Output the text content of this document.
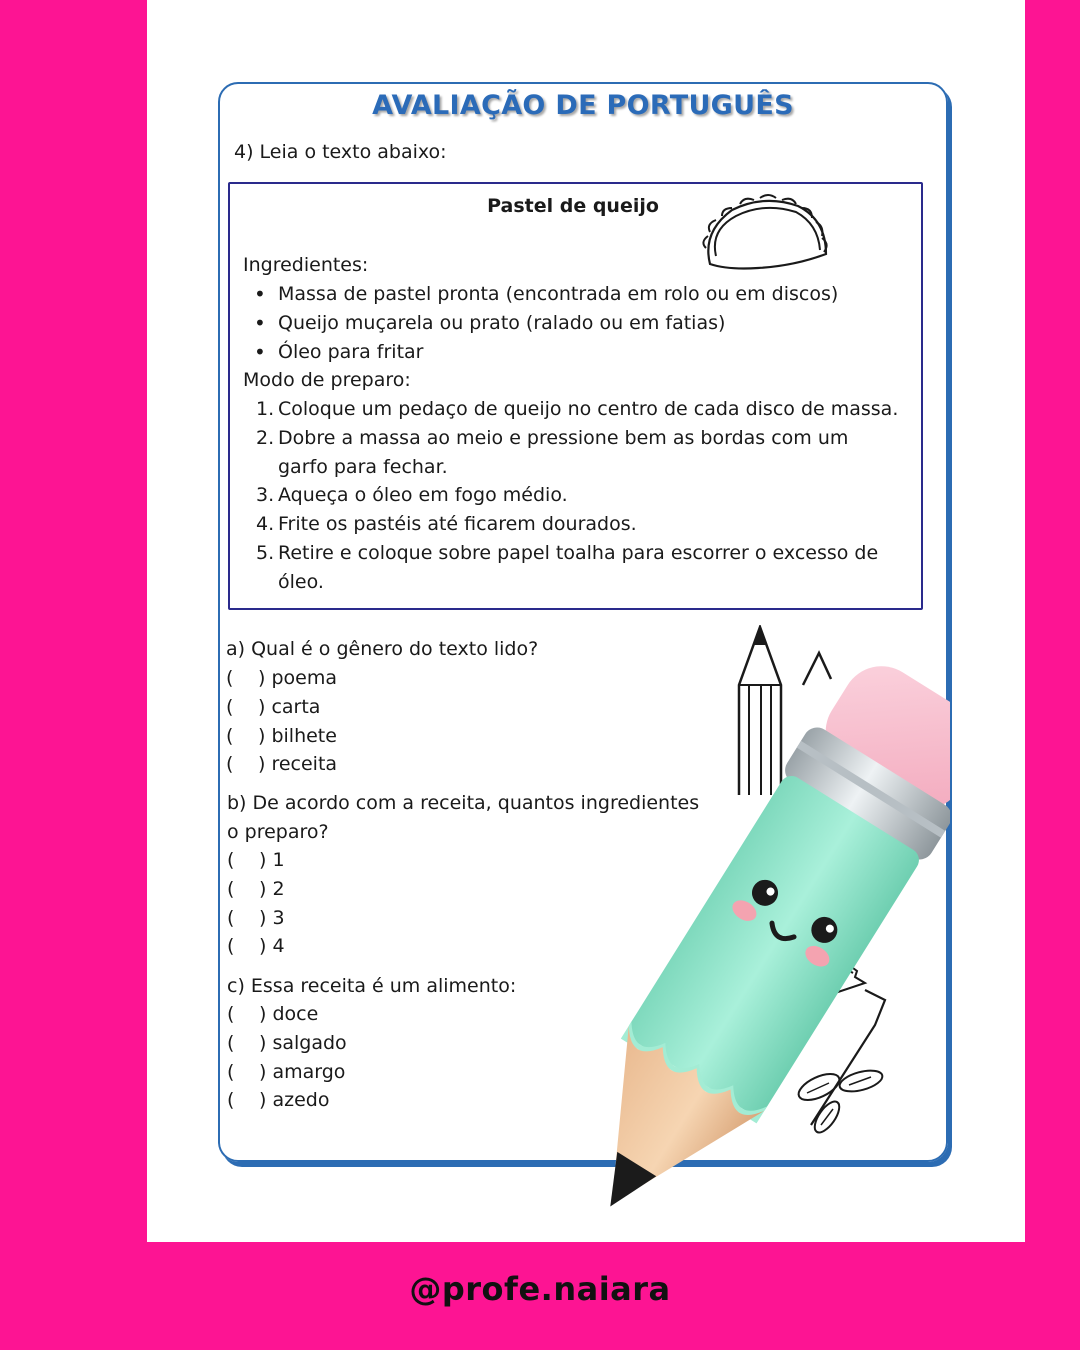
AVALIAÇÃO DE PORTUGUÊS
4) Leia o texto abaixo:
Pastel de queijo
Ingredientes:
• Massa de pastel pronta (encontrada em rolo ou em discos)
• Queijo muçarela ou prato (ralado ou em fatias)
• Óleo para fritar
Modo de preparo:
1. Coloque um pedaço de queijo no centro de cada disco de massa.
2. Dobre a massa ao meio e pressione bem as bordas com um
garfo para fechar.
3. Aqueça o óleo em fogo médio.
4. Frite os pastéis até ficarem dourados.
5. Retire e coloque sobre papel toalha para escorrer o excesso de
óleo.
a) Qual é o gênero do texto lido?
( ) poema
( ) carta
( ) bilhete
( ) receita
b) De acordo com a receita, quantos ingredientes
o preparo?
( ) 1
( ) 2
( ) 3
( ) 4
c) Essa receita é um alimento:
( ) doce
( ) salgado
( ) amargo
( ) azedo
@profe.naiara
